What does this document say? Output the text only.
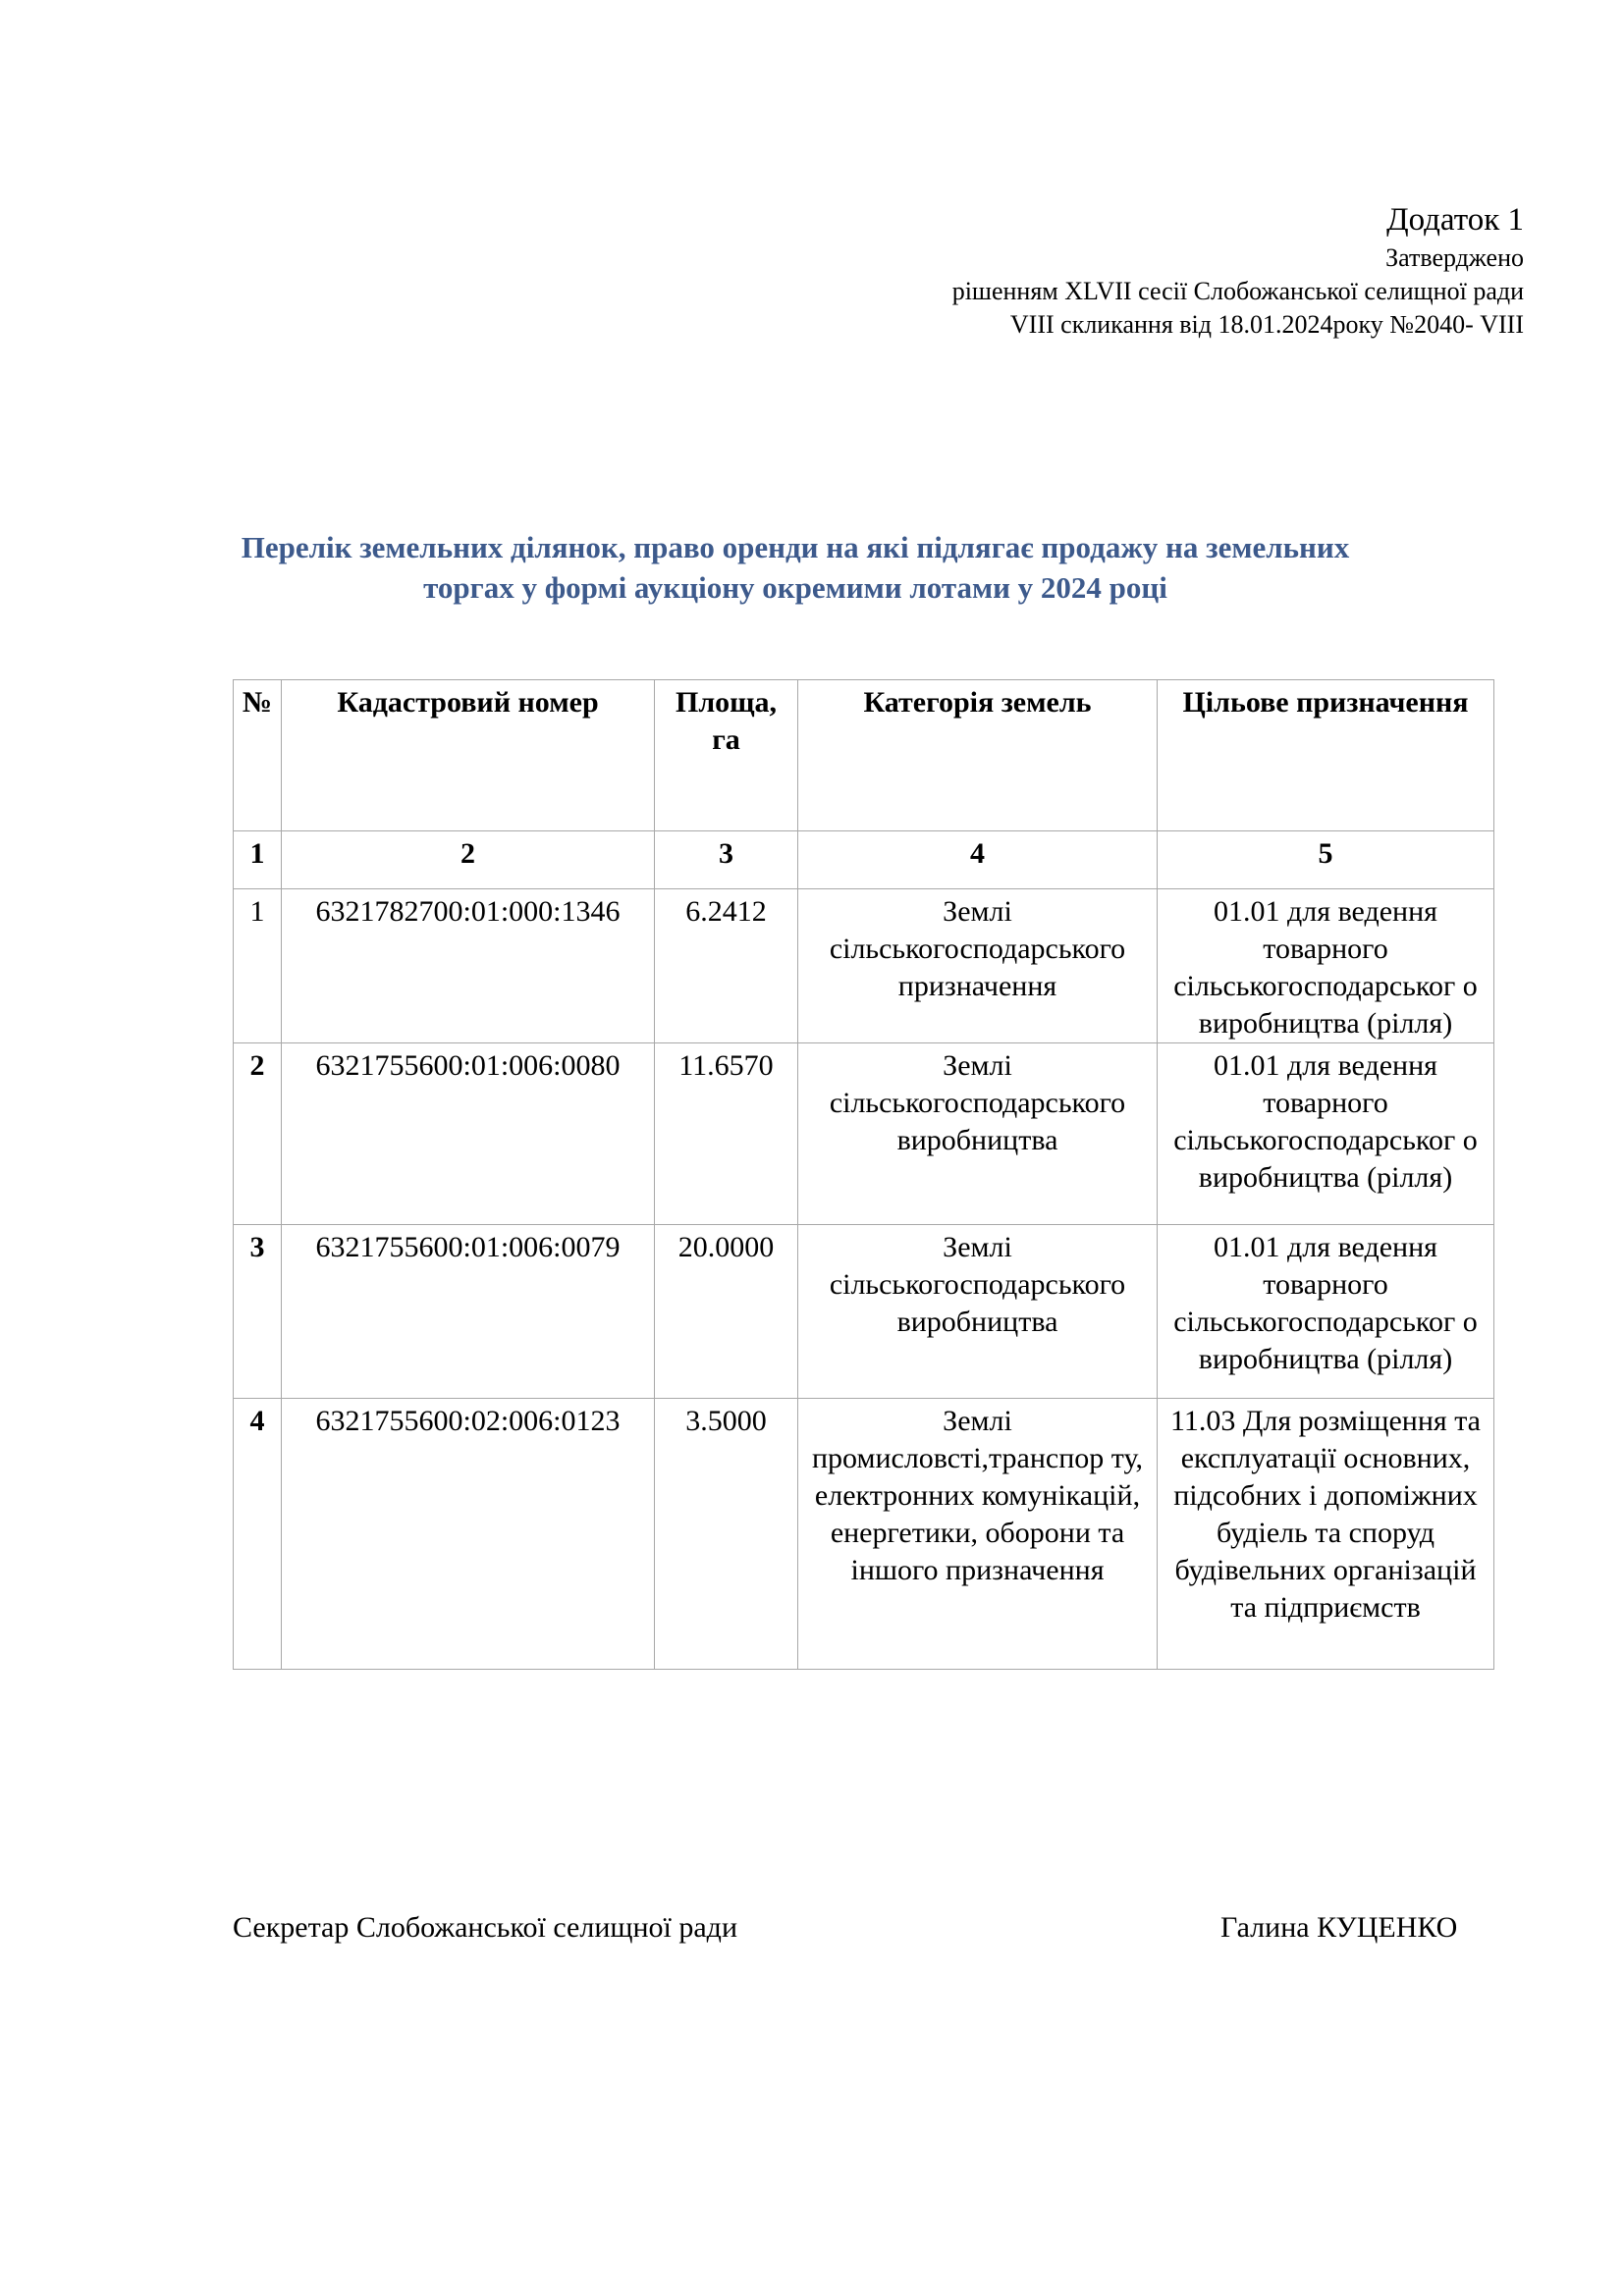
Додаток 1
Затверджено
рішенням XLVII сесії Слобожанської селищної ради
VIII скликання від 18.01.2024року №2040- VIII
Перелік земельних ділянок, право оренди на які підлягає продажу на земельних
торгах у формі аукціону окремими лотами у 2024 році
№	Кадастровий номер	Площа, га	Категорія земель	Цільове призначення
1	2	3	4	5
1	6321782700:01:000:1346	6.2412	Землі сільськогосподарського призначення	01.01 для ведення товарного сільськогосподарськог о виробництва (рілля)
2	6321755600:01:006:0080	11.6570	Землі сільськогосподарського виробництва	01.01 для ведення товарного сільськогосподарськог о виробництва (рілля)
3	6321755600:01:006:0079	20.0000	Землі сільськогосподарського виробництва	01.01 для ведення товарного сільськогосподарськог о виробництва (рілля)
4	6321755600:02:006:0123	3.5000	Землі промисловсті,транспор ту, електронних комунікацій, енергетики, оборони та іншого призначення	11.03 Для розміщення та експлуатації основних, підсобних і допоміжних будіель та споруд будівельних організацій та підприємств
Секретар Слобожанської селищної ради	Галина КУЦЕНКО
